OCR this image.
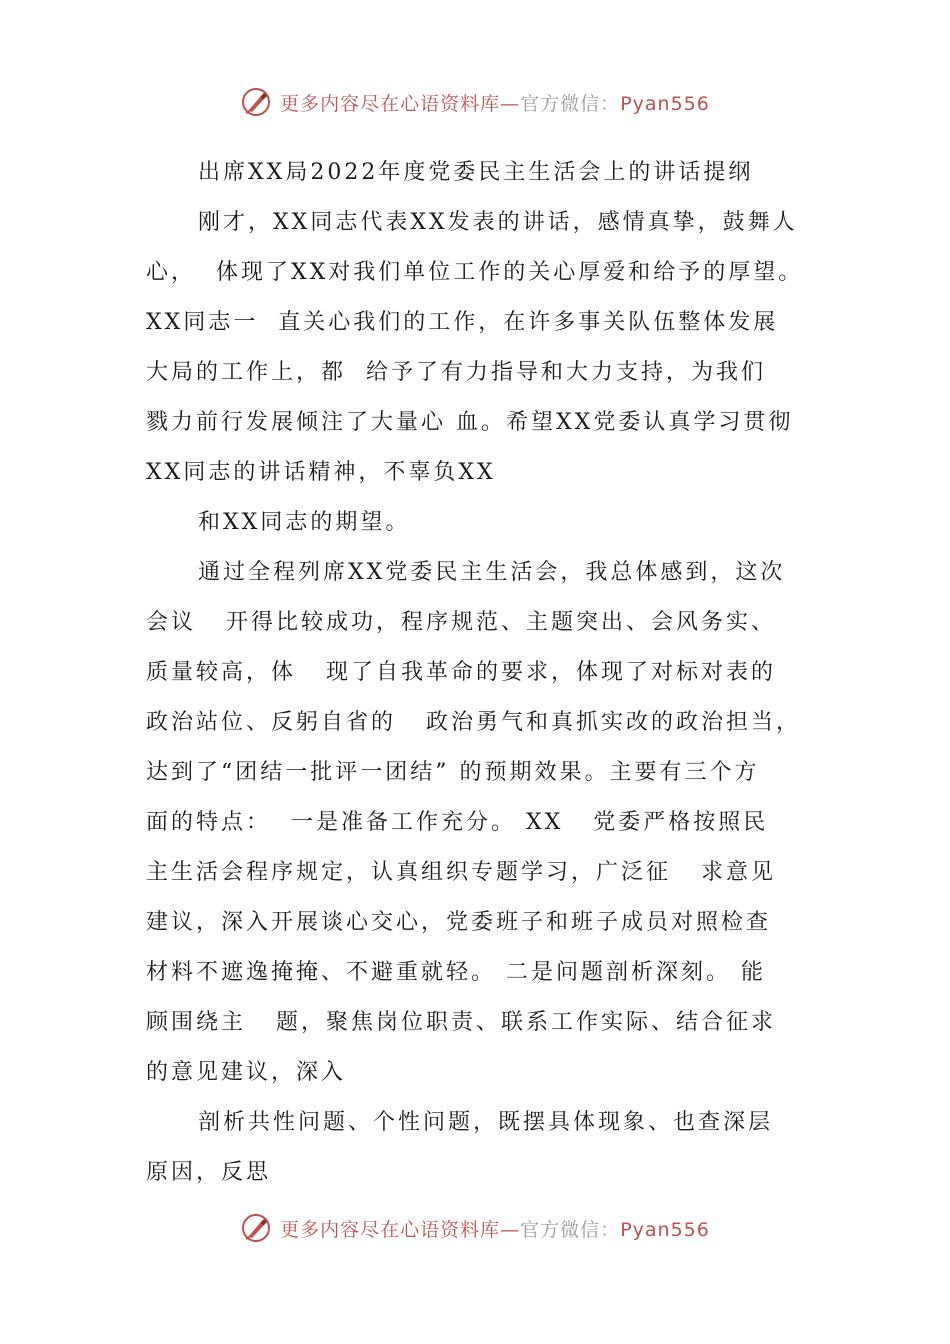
更多内容尽在心语资料库—官方微信：Pyan556
出席XX局2022年度党委民主生活会上的讲话提纲
刚才，XX同志代表XX发表的讲话，感情真挚，鼓舞人
心，  体现了XX对我们单位工作的关心厚爱和给予的厚望。
XX同志一  直关心我们的工作，在许多事关队伍整体发展
大局的工作上，都  给予了有力指导和大力支持，为我们
戮力前行发展倾注了大量心 血。希望XX党委认真学习贯彻
XX同志的讲话精神，不辜负XX
和XX同志的期望。
通过全程列席XX党委民主生活会，我总体感到，这次
会议   开得比较成功，程序规范、主题突出、会风务实、
质量较高，体   现了自我革命的要求，体现了对标对表的
政治站位、反躬自省的   政治勇气和真抓实改的政治担当，
达到了“团结一批评一团结” 的预期效果。主要有三个方
面的特点：  一是准备工作充分。 XX   党委严格按照民
主生活会程序规定，认真组织专题学习，广泛征   求意见
建议，深入开展谈心交心，党委班子和班子成员对照检查
材料不遮逸掩掩、不避重就轻。 二是问题剖析深刻。 能
顾围绕主   题，聚焦岗位职责、联系工作实际、结合征求
的意见建议，深入
剖析共性问题、个性问题，既摆具体现象、也查深层
原因，反思
更多内容尽在心语资料库—官方微信：Pyan556
